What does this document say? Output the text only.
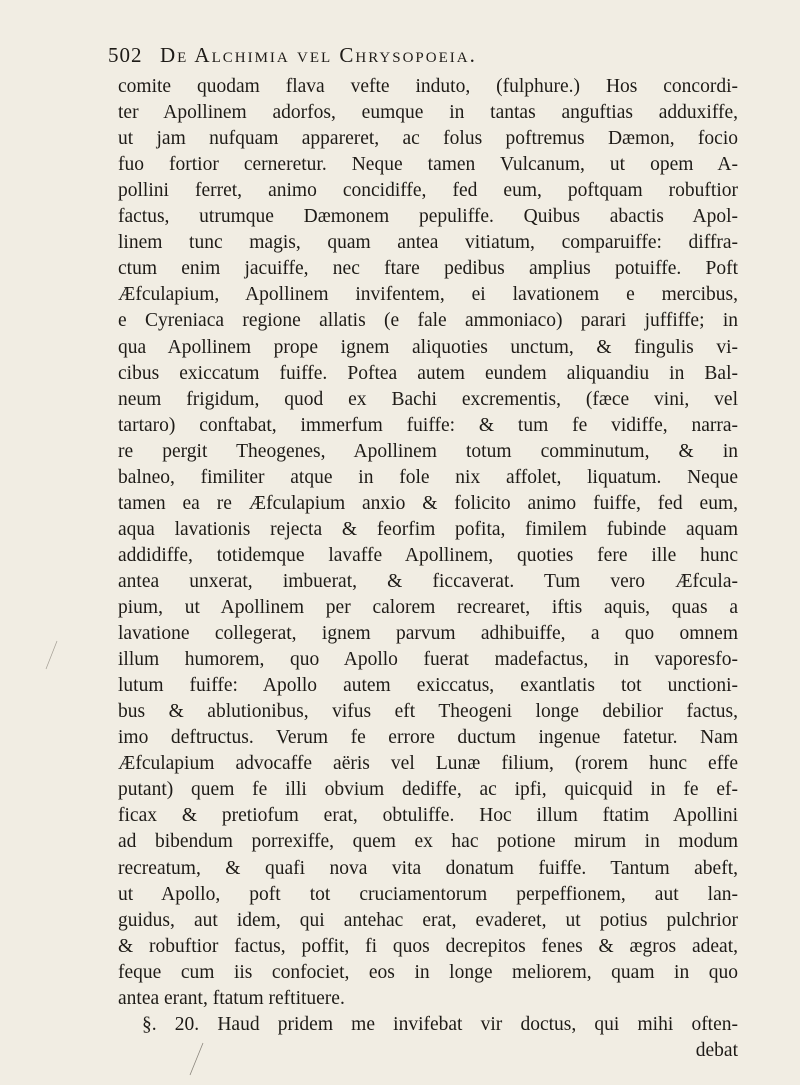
502 De Alchimia vel Chrysopoeia.
comite quodam flava vefte induto, (fulphure.) Hos concordi-
ter Apollinem adorfos, eumque in tantas anguftias adduxiffe,
ut jam nufquam appareret, ac folus poftremus Dæmon, focio
fuo fortior cerneretur. Neque tamen Vulcanum, ut opem A-
pollini ferret, animo concidiffe, fed eum, poftquam robuftior
factus, utrumque Dæmonem pepuliffe. Quibus abactis Apol-
linem tunc magis, quam antea vitiatum, comparuiffe: diffra-
ctum enim jacuiffe, nec ftare pedibus amplius potuiffe. Poft
Æfculapium, Apollinem invifentem, ei lavationem e mercibus,
e Cyreniaca regione allatis (e fale ammoniaco) parari juffiffe; in
qua Apollinem prope ignem aliquoties unctum, & fingulis vi-
cibus exiccatum fuiffe. Poftea autem eundem aliquandiu in Bal-
neum frigidum, quod ex Bachi excrementis, (fæce vini, vel
tartaro) conftabat, immerfum fuiffe: & tum fe vidiffe, narra-
re pergit Theogenes, Apollinem totum comminutum, & in
balneo, fimiliter atque in fole nix affolet, liquatum. Neque
tamen ea re Æfculapium anxio & folicito animo fuiffe, fed eum,
aqua lavationis rejecta & feorfim pofita, fimilem fubinde aquam
addidiffe, totidemque lavaffe Apollinem, quoties fere ille hunc
antea unxerat, imbuerat, & ficcaverat. Tum vero Æfcula-
pium, ut Apollinem per calorem recrearet, iftis aquis, quas a
lavatione collegerat, ignem parvum adhibuiffe, a quo omnem
illum humorem, quo Apollo fuerat madefactus, in vaporesfo-
lutum fuiffe: Apollo autem exiccatus, exantlatis tot unctioni-
bus & ablutionibus, vifus eft Theogeni longe debilior factus,
imo deftructus. Verum fe errore ductum ingenue fatetur. Nam
Æfculapium advocaffe aëris vel Lunæ filium, (rorem hunc effe
putant) quem fe illi obvium dediffe, ac ipfi, quicquid in fe ef-
ficax & pretiofum erat, obtuliffe. Hoc illum ftatim Apollini
ad bibendum porrexiffe, quem ex hac potione mirum in modum
recreatum, & quafi nova vita donatum fuiffe. Tantum abeft,
ut Apollo, poft tot cruciamentorum perpeffionem, aut lan-
guidus, aut idem, qui antehac erat, evaderet, ut potius pulchrior
& robuftior factus, poffit, fi quos decrepitos fenes & ægros adeat,
feque cum iis confociet, eos in longe meliorem, quam in quo
antea erant, ftatum reftituere.
§. 20. Haud pridem me invifebat vir doctus, qui mihi often-
debat
